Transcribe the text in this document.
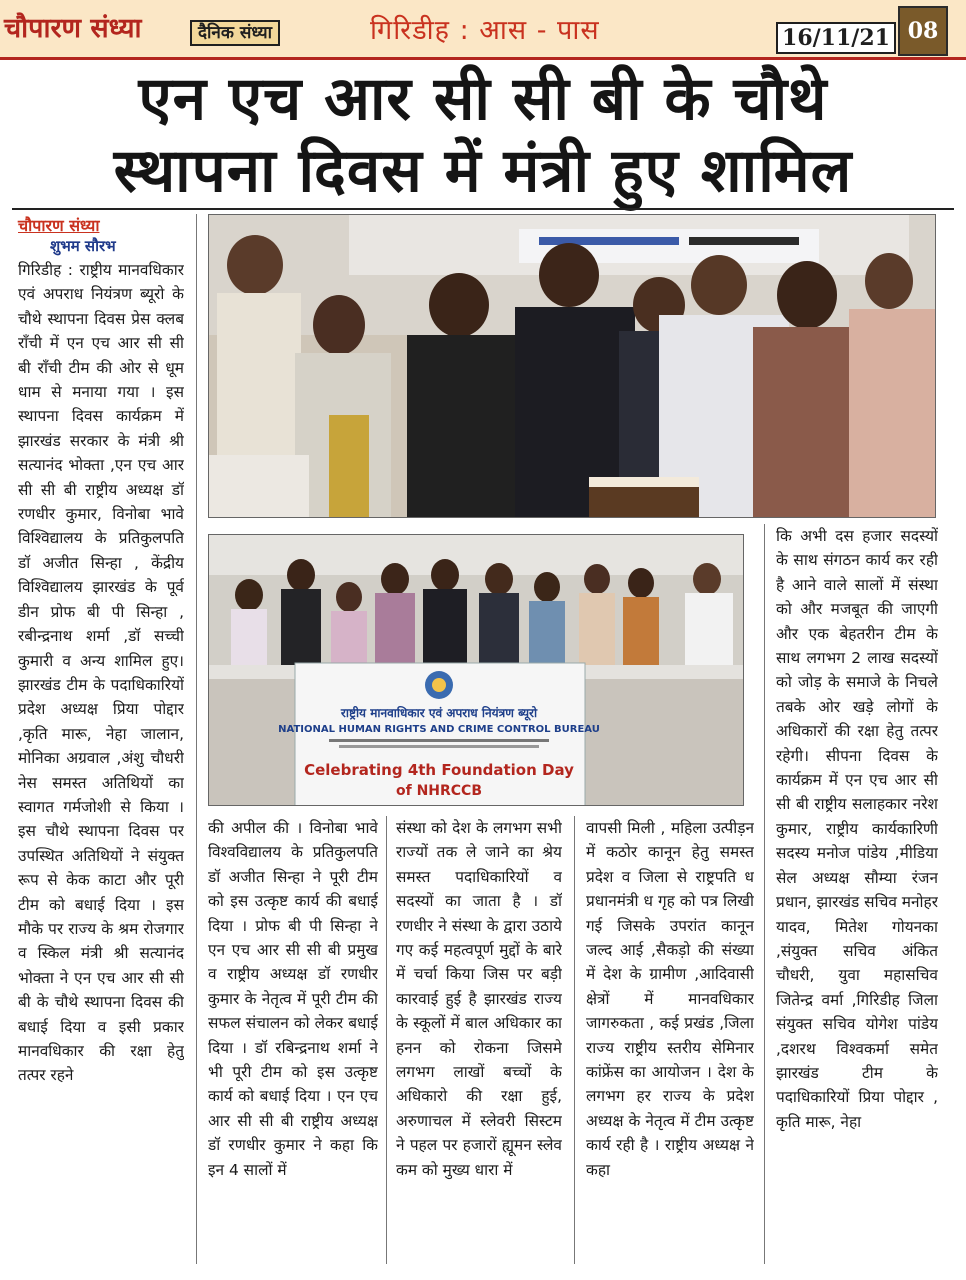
चौपारण संध्या	दैनिक संध्या	गिरिडीह : आस - पास	16/11/21 08
एन एच आर सी सी बी के चौथे
स्थापना दिवस में मंत्री हुए शामिल
चौपारण संध्या
शुभम सौरभ
राष्ट्रीय मानवाधिकार एवं अपराध नियंत्रण ब्यूरो
NATIONAL HUMAN RIGHTS AND CRIME CONTROL BUREAU
Celebrating 4th Foundation Day
of NHRCCB
गिरिडीह : राष्ट्रीय मानवधिकार एवं अपराध नियंत्रण ब्यूरो के चौथे स्थापना दिवस प्रेस क्लब राँची में एन एच आर सी सी बी राँची टीम की ओर से धूम धाम से मनाया गया । इस स्थापना दिवस कार्यक्रम में झारखंड सरकार के मंत्री श्री सत्यानंद भोक्ता ,एन एच आर सी सी बी राष्ट्रीय अध्यक्ष डॉ रणधीर कुमार, विनोबा भावे विश्विद्यालय के प्रतिकुलपति डॉ अजीत सिन्हा , केंद्रीय विश्विद्यालय झारखंड के पूर्व डीन प्रोफ बी पी सिन्हा , रबीन्द्रनाथ शर्मा ,डॉ सच्ची कुमारी व अन्य शामिल हुए। झारखंड टीम के पदाधिकारियों प्रदेश अध्यक्ष प्रिया पोद्दार ,कृति मारू, नेहा जालान, मोनिका अग्रवाल ,अंशु चौधरी नेस समस्त अतिथियों का स्वागत गर्मजोशी से किया । इस चौथे स्थापना दिवस पर उपस्थित अतिथियों ने संयुक्त रूप से केक काटा और पूरी टीम को बधाई दिया । इस मौके पर राज्य के श्रम रोजगार व स्किल मंत्री श्री सत्यानंद भोक्ता ने एन एच आर सी सी बी के चौथे स्थापना दिवस की बधाई दिया व इसी प्रकार मानवधिकार की रक्षा हेतु तत्पर रहने
की अपील की । विनोबा भावे विश्वविद्यालय के प्रतिकुलपति डॉ अजीत सिन्हा ने पूरी टीम को इस उत्कृष्ट कार्य की बधाई दिया । प्रोफ बी पी सिन्हा ने एन एच आर सी सी बी प्रमुख व राष्ट्रीय अध्यक्ष डॉ रणधीर कुमार के नेतृत्व में पूरी टीम की सफल संचालन को लेकर बधाई दिया । डॉ रबिन्द्रनाथ शर्मा ने भी पूरी टीम को इस उत्कृष्ट कार्य को बधाई दिया । एन एच आर सी सी बी राष्ट्रीय अध्यक्ष डॉ रणधीर कुमार ने कहा कि इन 4 सालों में
संस्था को देश के लगभग सभी राज्यों तक ले जाने का श्रेय समस्त पदाधिकारियों व सदस्यों का जाता है । डॉ रणधीर ने संस्था के द्वारा उठाये गए कई महत्वपूर्ण मुद्दों के बारे में चर्चा किया जिस पर बड़ी कारवाई हुई है झारखंड राज्य के स्कूलों में बाल अधिकार का हनन को रोकना जिसमे लगभग लाखों बच्चों के अधिकारो की रक्षा हुई, अरुणाचल में स्लेवरी सिस्टम ने पहल पर हजारों ह्यूमन स्लेव कम को मुख्य धारा में
वापसी मिली , महिला उत्पीड़न में कठोर कानून हेतु समस्त प्रदेश व जिला से राष्ट्रपति ध प्रधानमंत्री ध गृह को पत्र लिखी गई जिसके उपरांत कानून जल्द आई ,सैकड़ो की संख्या में देश के ग्रामीण ,आदिवासी क्षेत्रों में मानवधिकार जागरुकता , कई प्रखंड ,जिला राज्य राष्ट्रीय स्तरीय सेमिनार कांफ्रेंस का आयोजन । देश के लगभग हर राज्य के प्रदेश अध्यक्ष के नेतृत्व में टीम उत्कृष्ट कार्य रही है । राष्ट्रीय अध्यक्ष ने कहा
कि अभी दस हजार सदस्यों के साथ संगठन कार्य कर रही है आने वाले सालों में संस्था को और मजबूत की जाएगी और एक बेहतरीन टीम के साथ लगभग 2 लाख सदस्यों को जोड़ के समाजे के निचले तबके ओर खड़े लोगों के अधिकारों की रक्षा हेतु तत्पर रहेगी। सीपना दिवस के कार्यक्रम में एन एच आर सी सी बी राष्ट्रीय सलाहकार नरेश कुमार, राष्ट्रीय कार्यकारिणी सदस्य मनोज पांडेय ,मीडिया सेल अध्यक्ष सौम्या रंजन प्रधान, झारखंड सचिव मनोहर यादव, मितेश गोयनका ,संयुक्त सचिव अंकित चौधरी, युवा महासचिव जितेन्द्र वर्मा ,गिरिडीह जिला संयुक्त सचिव योगेश पांडेय ,दशरथ विश्वकर्मा समेत झारखंड टीम के पदाधिकारियों प्रिया पोद्दार , कृति मारू, नेहा
